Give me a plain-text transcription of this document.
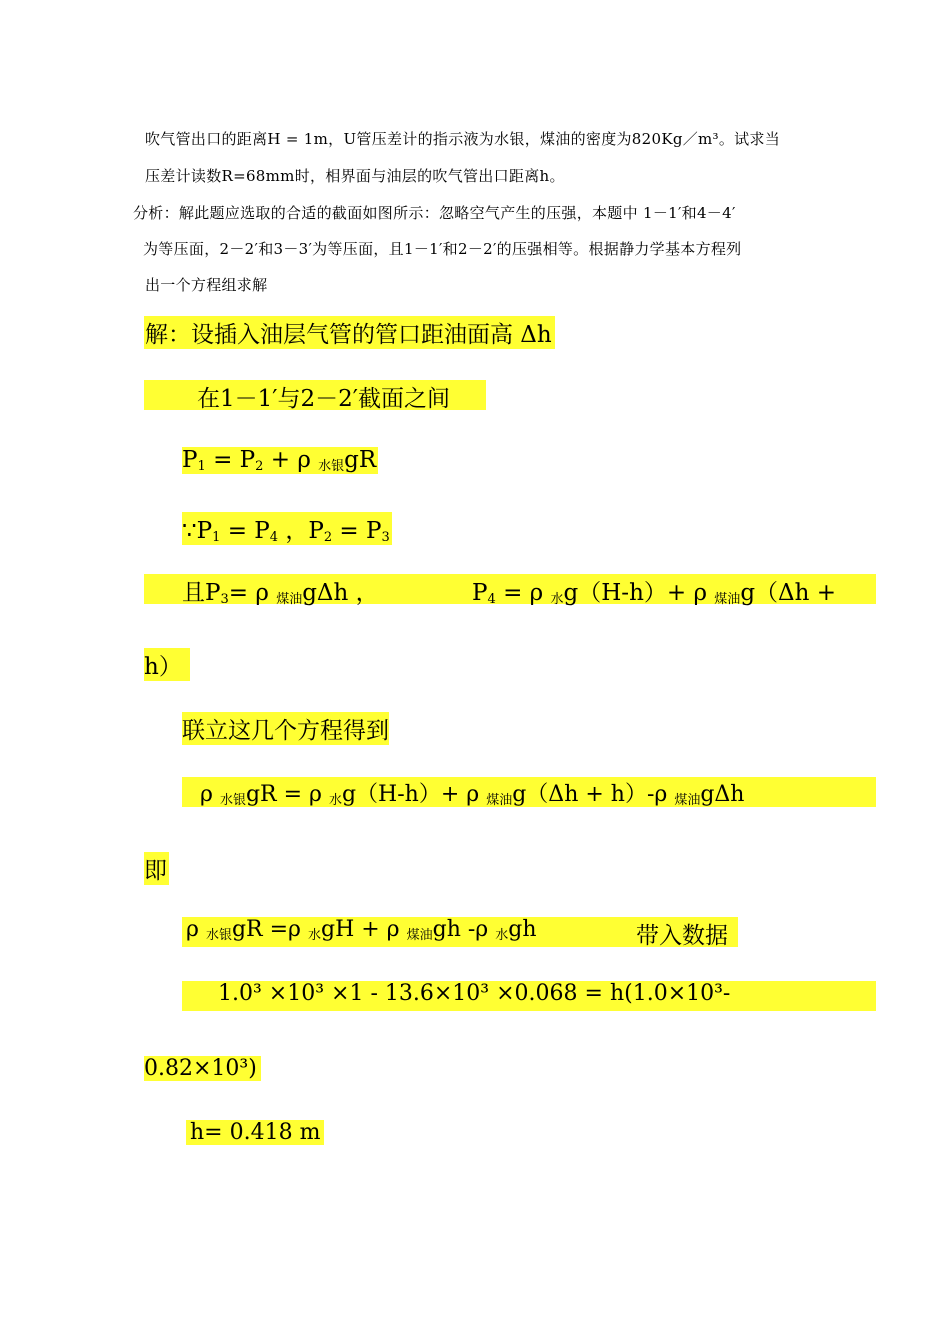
吹气管出口的距离H = 1m，U管压差计的指示液为水银，煤油的密度为820Kg／m³。试求当
压差计读数R=68mm时，相界面与油层的吹气管出口距离h。
分析：解此题应选取的合适的截面如图所示：忽略空气产生的压强，本题中 1－1′和4－4′
为等压面，2－2′和3－3′为等压面，且1－1′和2－2′的压强相等。根据静力学基本方程列
出一个方程组求解
解：设插入油层气管的管口距油面高 Δh
在1－1′与2－2′截面之间
$P_1 = P_2 + \rho$ $_{水银}$gR
$\because P_1 = P_4$ ，$P_2 = P_3$
且$P_3= \rho$ $_{煤油}$gΔh ，	$P_4 = \rho$ $_水$g（H-h）+ ρ $_{煤油}$g（Δh +
h）
联立这几个方程得到
ρ $_{水银}$gR = ρ $_水$g（H-h）+ ρ $_{煤油}$g（Δh + h）-ρ $_{煤油}$gΔh
即
ρ $_{水银}$gR =ρ $_水$gH + ρ $_{煤油}$gh -ρ $_水$gh	带入数据
1.0³ ×10³ ×1 - 13.6×10³ ×0.068 = h(1.0×10³-
0.82×10³)
h= 0.418 m
